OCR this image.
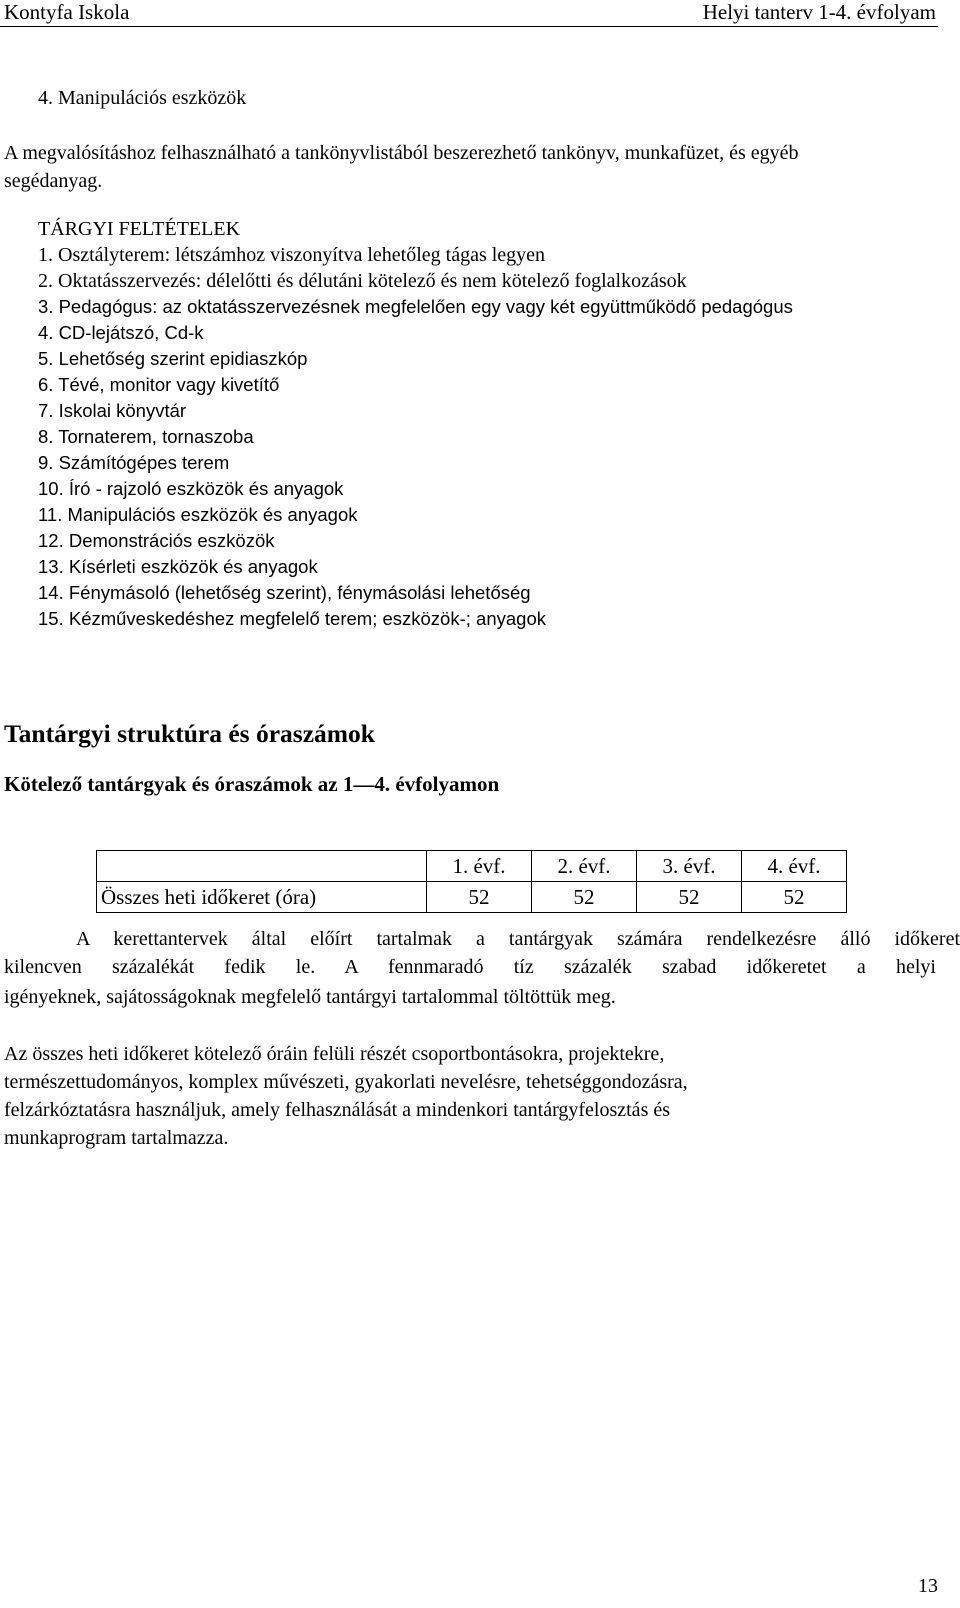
Kontyfa Iskola	Helyi tanterv 1-4. évfolyam
4. Manipulációs eszközök
A megvalósításhoz felhasználható a tankönyvlistából beszerezhető tankönyv, munkafüzet, és egyéb
segédanyag.
TÁRGYI FELTÉTELEK
1. Osztályterem: létszámhoz viszonyítva lehetőleg tágas legyen
2. Oktatásszervezés: délelőtti és délutáni kötelező és nem kötelező foglalkozások
3. Pedagógus: az oktatásszervezésnek megfelelően egy vagy két együttműködő pedagógus
4. CD-lejátszó, Cd-k
5. Lehetőség szerint epidiaszkóp
6. Tévé, monitor vagy kivetítő
7. Iskolai könyvtár
8. Tornaterem, tornaszoba
9. Számítógépes terem
10. Író - rajzoló eszközök és anyagok
11. Manipulációs eszközök és anyagok
12. Demonstrációs eszközök
13. Kísérleti eszközök és anyagok
14. Fénymásoló (lehetőség szerint), fénymásolási lehetőség
15. Kézműveskedéshez megfelelő terem; eszközök-; anyagok
Tantárgyi struktúra és óraszámok
Kötelező tantárgyak és óraszámok az 1—4. évfolyamon
	1. évf.	2. évf.	3. évf.	4. évf.
Összes heti időkeret (óra)	52	52	52	52
A kerettantervek által előírt tartalmak a tantárgyak számára rendelkezésre álló időkeret
kilencven százalékát fedik le. A fennmaradó tíz százalék szabad időkeretet a helyi
igényeknek, sajátosságoknak megfelelő tantárgyi tartalommal töltöttük meg.
Az összes heti időkeret kötelező óráin felüli részét csoportbontásokra, projektekre,
természettudományos, komplex művészeti, gyakorlati nevelésre, tehetséggondozásra,
felzárkóztatásra használjuk, amely felhasználását a mindenkori tantárgyfelosztás és
munkaprogram tartalmazza.
13
